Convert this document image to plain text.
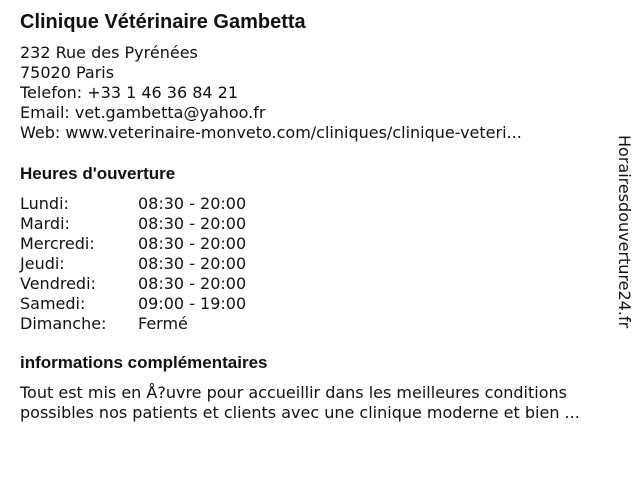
Clinique Vétérinaire Gambetta
232 Rue des Pyrénées
75020 Paris
Telefon: +33 1 46 36 84 21
Email: vet.gambetta@yahoo.fr
Web: www.veterinaire-monveto.com/cliniques/clinique-veteri...
Heures d'ouverture
Lundi:	08:30 - 20:00
Mardi:	08:30 - 20:00
Mercredi:	08:30 - 20:00
Jeudi:	08:30 - 20:00
Vendredi:	08:30 - 20:00
Samedi:	09:00 - 19:00
Dimanche:	Fermé
informations complémentaires
Tout est mis en Å?uvre pour accueillir dans les meilleures conditions
possibles nos patients et clients avec une clinique moderne et bien ...
Horairesdouverture24.fr
